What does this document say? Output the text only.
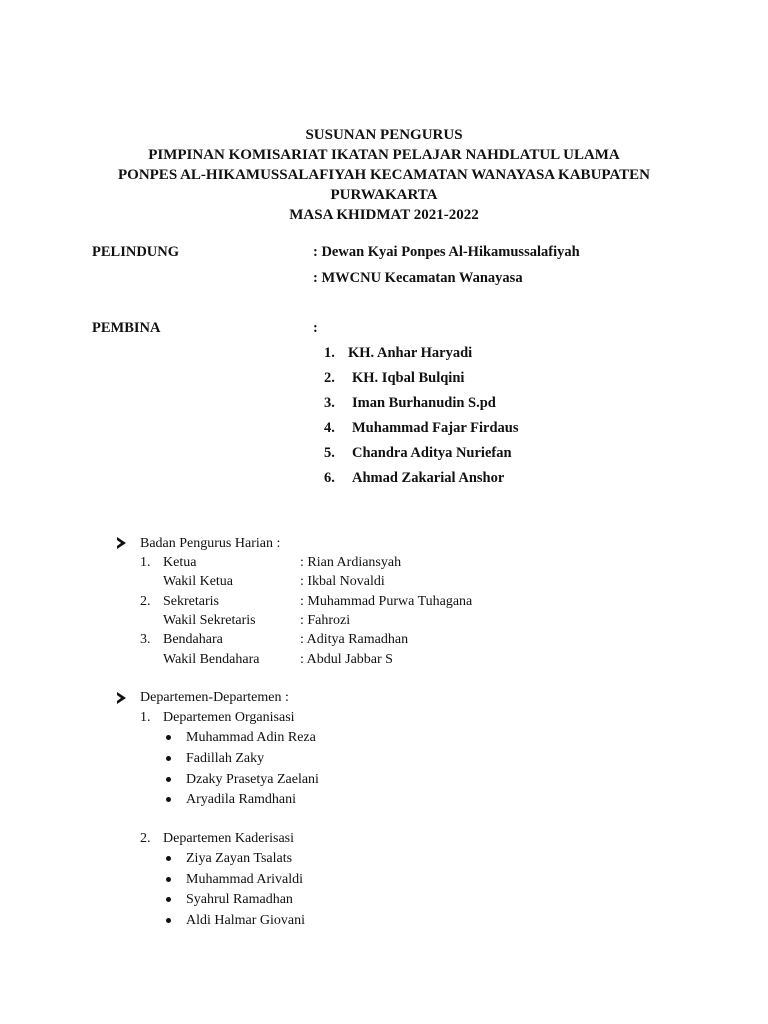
SUSUNAN PENGURUS
PIMPINAN KOMISARIAT IKATAN PELAJAR NAHDLATUL ULAMA
PONPES AL-HIKAMUSSALAFIYAH KECAMATAN WANAYASA KABUPATEN
PURWAKARTA
MASA KHIDMAT 2021-2022
PELINDUNG	: Dewan Kyai Ponpes Al-Hikamussalafiyah
: MWCNU Kecamatan Wanayasa
PEMBINA	:
1. KH. Anhar Haryadi
2. KH. Iqbal Bulqini
3. Iman Burhanudin S.pd
4. Muhammad Fajar Firdaus
5. Chandra Aditya Nuriefan
6. Ahmad Zakarial Anshor
Badan Pengurus Harian :
1. Ketua	: Rian Ardiansyah
Wakil Ketua	: Ikbal Novaldi
2. Sekretaris	: Muhammad Purwa Tuhagana
Wakil Sekretaris	: Fahrozi
3. Bendahara	: Aditya Ramadhan
Wakil Bendahara	: Abdul Jabbar S
Departemen-Departemen :
1. Departemen Organisasi
Muhammad Adin Reza
Fadillah Zaky
Dzaky Prasetya Zaelani
Aryadila Ramdhani
2. Departemen Kaderisasi
Ziya Zayan Tsalats
Muhammad Arivaldi
Syahrul Ramadhan
Aldi Halmar Giovani
